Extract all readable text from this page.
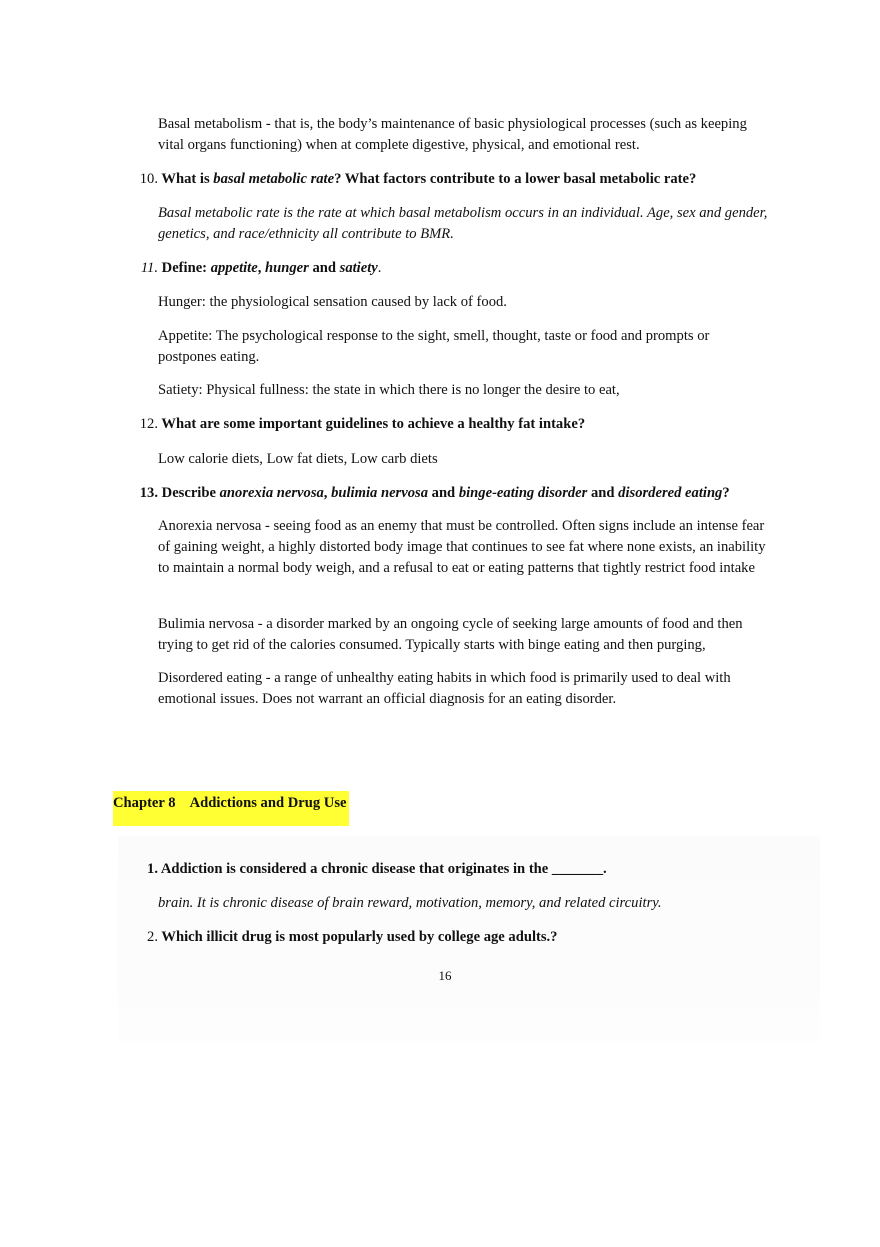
Basal metabolism - that is, the body’s maintenance of basic physiological processes (such as keeping vital organs functioning) when at complete digestive, physical, and emotional rest.

10. What is basal metabolic rate? What factors contribute to a lower basal metabolic rate?

Basal metabolic rate is the rate at which basal metabolism occurs in an individual. Age, sex and gender, genetics, and race/ethnicity all contribute to BMR.

11. Define: appetite, hunger and satiety.

Hunger: the physiological sensation caused by lack of food.

Appetite: The psychological response to the sight, smell, thought, taste or food and prompts or postpones eating.

Satiety: Physical fullness: the state in which there is no longer the desire to eat,

12. What are some important guidelines to achieve a healthy fat intake?

Low calorie diets, Low fat diets, Low carb diets

13. Describe anorexia nervosa, bulimia nervosa and binge-eating disorder and disordered eating?

Anorexia nervosa - seeing food as an enemy that must be controlled. Often signs include an intense fear of gaining weight, a highly distorted body image that continues to see fat where none exists, an inability to maintain a normal body weigh, and a refusal to eat or eating patterns that tightly restrict food intake

Bulimia nervosa - a disorder marked by an ongoing cycle of seeking large amounts of food and then trying to get rid of the calories consumed. Typically starts with binge eating and then purging,

Disordered eating - a range of unhealthy eating habits in which food is primarily used to deal with emotional issues. Does not warrant an official diagnosis for an eating disorder.

Chapter 8 Addictions and Drug Use

1. Addiction is considered a chronic disease that originates in the _______.

brain. It is chronic disease of brain reward, motivation, memory, and related circuitry.

2. Which illicit drug is most popularly used by college age adults.?

16
